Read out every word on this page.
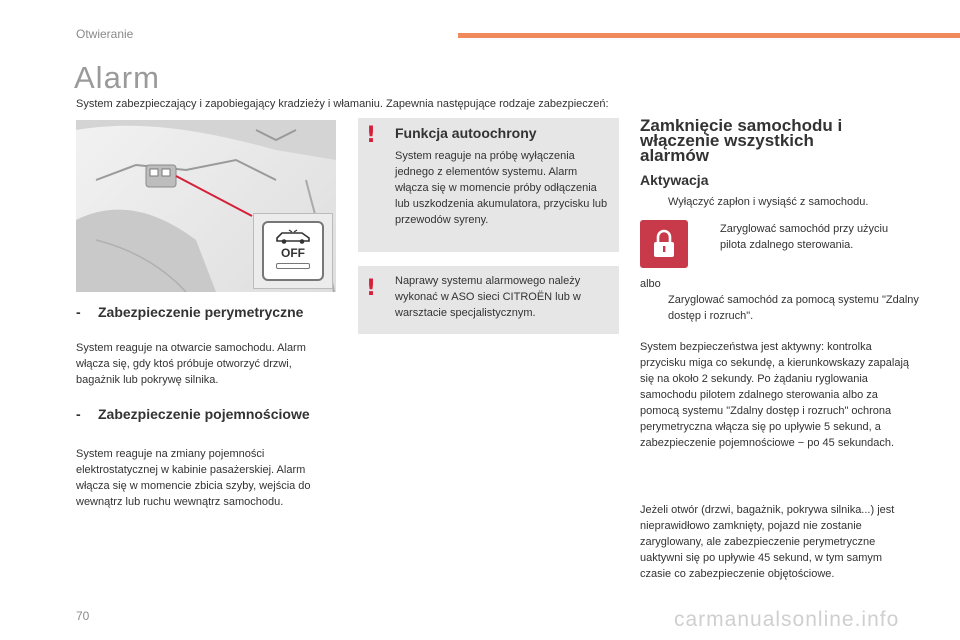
Otwieranie
Alarm

System zabezpieczający i zapobiegający kradzieży i włamaniu. Zapewnia następujące rodzaje zabezpieczeń:

OFF
-	Zabezpieczenie perymetryczne

System reaguje na otwarcie samochodu. Alarm włącza się, gdy ktoś próbuje otworzyć drzwi, bagażnik lub pokrywę silnika.

-	Zabezpieczenie pojemnościowe

System reaguje na zmiany pojemności elektrostatycznej w kabinie pasażerskiej. Alarm włącza się w momencie zbicia szyby, wejścia do wewnątrz lub ruchu wewnątrz samochodu.

! Funkcja autoochrony

System reaguje na próbę wyłączenia jednego z elementów systemu. Alarm włącza się w momencie próby odłączenia lub uszkodzenia akumulatora, przycisku lub przewodów syreny.

! Naprawy systemu alarmowego należy wykonać w ASO sieci CITROËN lub w warsztacie specjalistycznym.

Zamknięcie samochodu i włączenie wszystkich alarmów
Aktywacja
Wyłączyć zapłon i wysiąść z samochodu.
Zaryglować samochód przy użyciu pilota zdalnego sterowania.

albo

Zaryglować samochód za pomocą systemu "Zdalny dostęp i rozruch".

System bezpieczeństwa jest aktywny: kontrolka przycisku miga co sekundę, a kierunkowskazy zapalają się na około 2 sekundy. Po żądaniu ryglowania samochodu pilotem zdalnego sterowania albo za pomocą systemu "Zdalny dostęp i rozruch" ochrona perymetryczna włącza się po upływie 5 sekund, a zabezpieczenie pojemnościowe − po 45 sekundach.

Jeżeli otwór (drzwi, bagażnik, pokrywa silnika...) jest nieprawidłowo zamknięty, pojazd nie zostanie zaryglowany, ale zabezpieczenie perymetryczne uaktywni się po upływie 45 sekund, w tym samym czasie co zabezpieczenie objętościowe.

70	carmanualsonline.info
